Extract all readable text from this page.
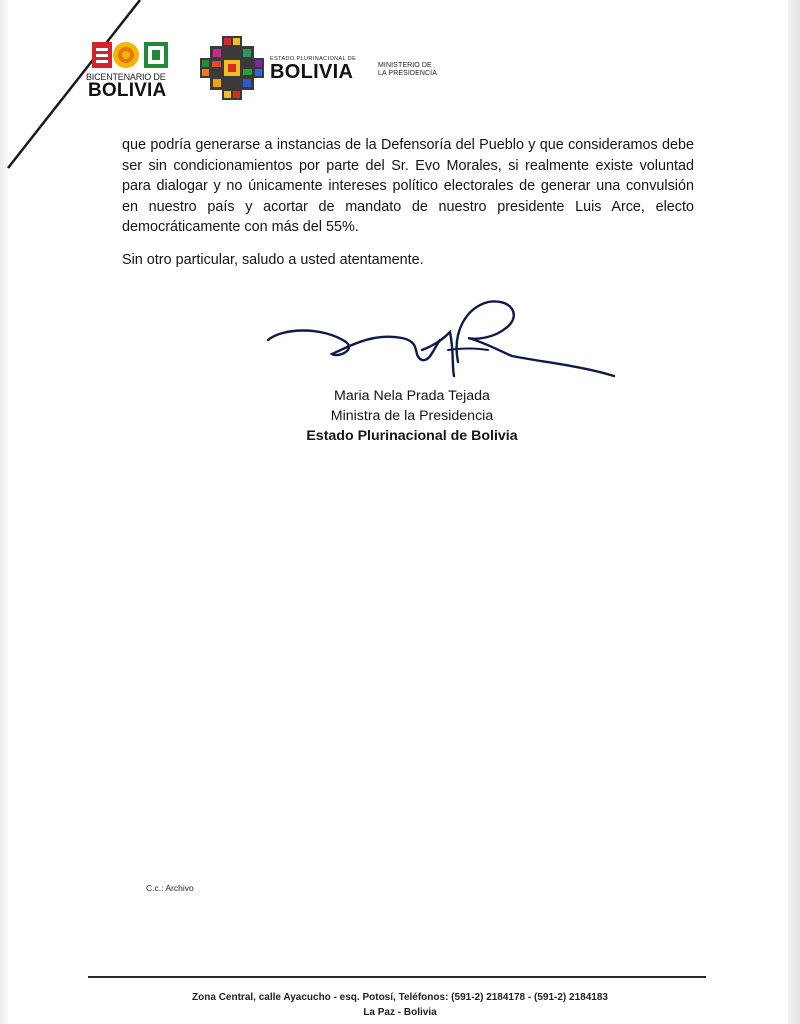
BICENTENARIO DE
BOLIVIA
ESTADO PLURINACIONAL DE
BOLIVIA	MINISTERIO DE
LA PRESIDENCIA

que podría generarse a instancias de la Defensoría del Pueblo y que consideramos debe ser sin condicionamientos por parte del Sr. Evo Morales, si realmente existe voluntad para dialogar y no únicamente intereses político electorales de generar una convulsión en nuestro país y acortar de mandato de nuestro presidente Luis Arce, electo democráticamente con más del 55%.

Sin otro particular, saludo a usted atentamente.
Maria Nela Prada Tejada
Ministra de la Presidencia
Estado Plurinacional de Bolivia
C.c.: Archivo
Zona Central, calle Ayacucho - esq. Potosí, Teléfonos: (591-2) 2184178 - (591-2) 2184183
La Paz - Bolivia
